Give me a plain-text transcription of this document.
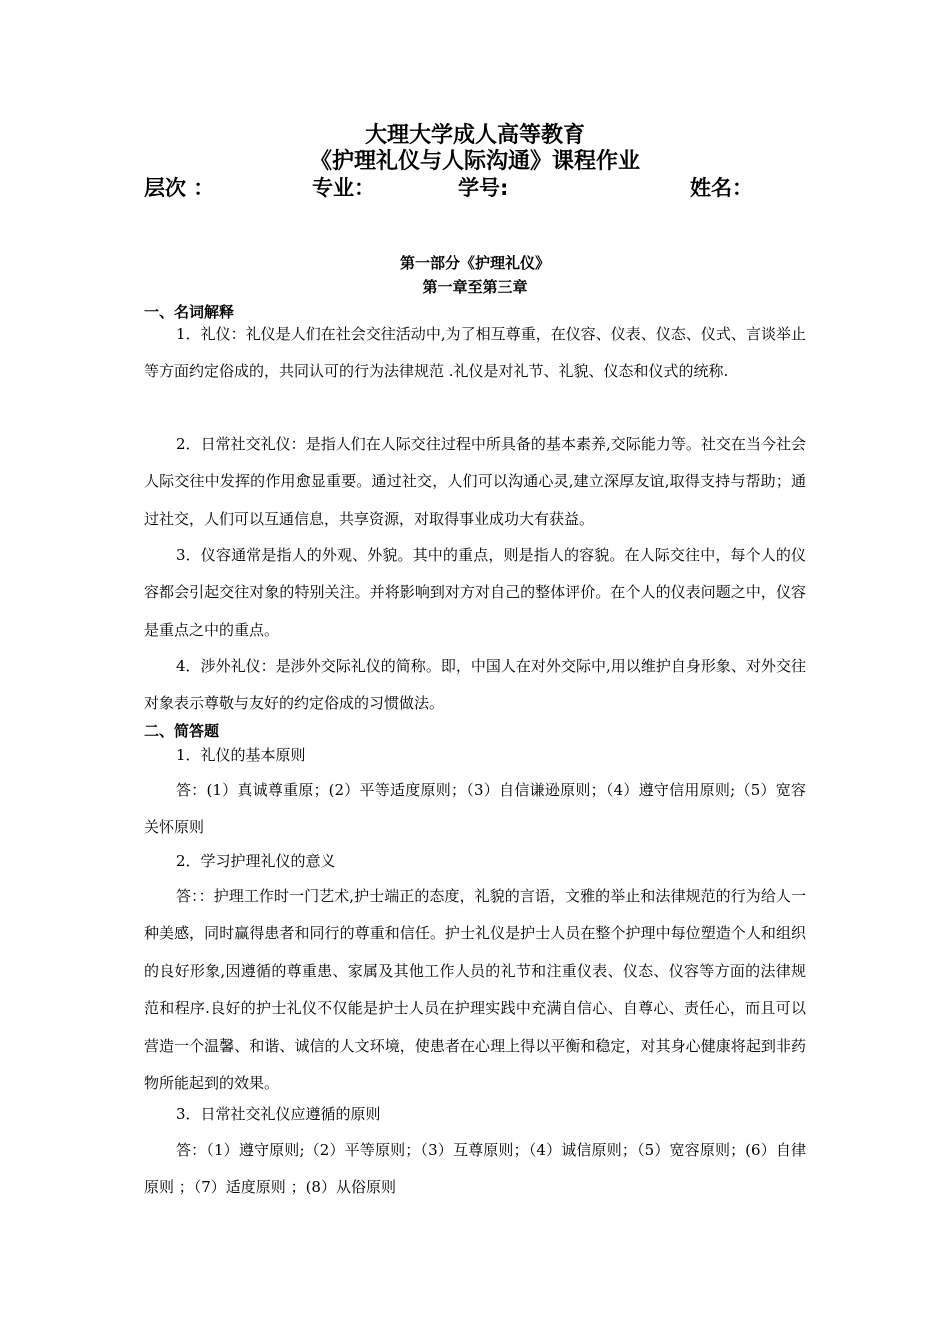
大理大学成人高等教育
《护理礼仪与人际沟通》课程作业
层次 ：	专业：	学号:	姓名：
第一部分《护理礼仪》
第一章至第三章
一、名词解释

1．礼仪：礼仪是人们在社会交往活动中,为了相互尊重，在仪容、仪表、仪态、仪式、言谈举止等方面约定俗成的，共同认可的行为法律规范 .礼仪是对礼节、礼貌、仪态和仪式的统称.

2．日常社交礼仪：是指人们在人际交往过程中所具备的基本素养,交际能力等。社交在当今社会人际交往中发挥的作用愈显重要。通过社交，人们可以沟通心灵,建立深厚友谊,取得支持与帮助；通过社交，人们可以互通信息，共享资源，对取得事业成功大有获益。

3．仪容通常是指人的外观、外貌。其中的重点，则是指人的容貌。在人际交往中，每个人的仪容都会引起交往对象的特别关注。并将影响到对方对自己的整体评价。在个人的仪表问题之中，仪容是重点之中的重点。

4．涉外礼仪：是涉外交际礼仪的简称。即，中国人在对外交际中,用以维护自身形象、对外交往对象表示尊敬与友好的约定俗成的习惯做法。

二、简答题

1．礼仪的基本原则

答：(1）真诚尊重原；(2）平等适度原则；（3）自信谦逊原则；（4）遵守信用原则;（5）宽容关怀原则

2．学习护理礼仪的意义

答：：护理工作时一门艺术,护士端正的态度，礼貌的言语，文雅的举止和法律规范的行为给人一种美感，同时赢得患者和同行的尊重和信任。护士礼仪是护士人员在整个护理中每位塑造个人和组织的良好形象,因遵循的尊重患、家属及其他工作人员的礼节和注重仪表、仪态、仪容等方面的法律规范和程序.良好的护士礼仪不仅能是护士人员在护理实践中充满自信心、自尊心、责任心，而且可以营造一个温馨、和谐、诚信的人文环境，使患者在心理上得以平衡和稳定，对其身心健康将起到非药物所能起到的效果。

3．日常社交礼仪应遵循的原则

答：（1）遵守原则;（2）平等原则；（3）互尊原则；（4）诚信原则；（5）宽容原则；(6）自律原则 ；（7）适度原则 ；(8）从俗原则
